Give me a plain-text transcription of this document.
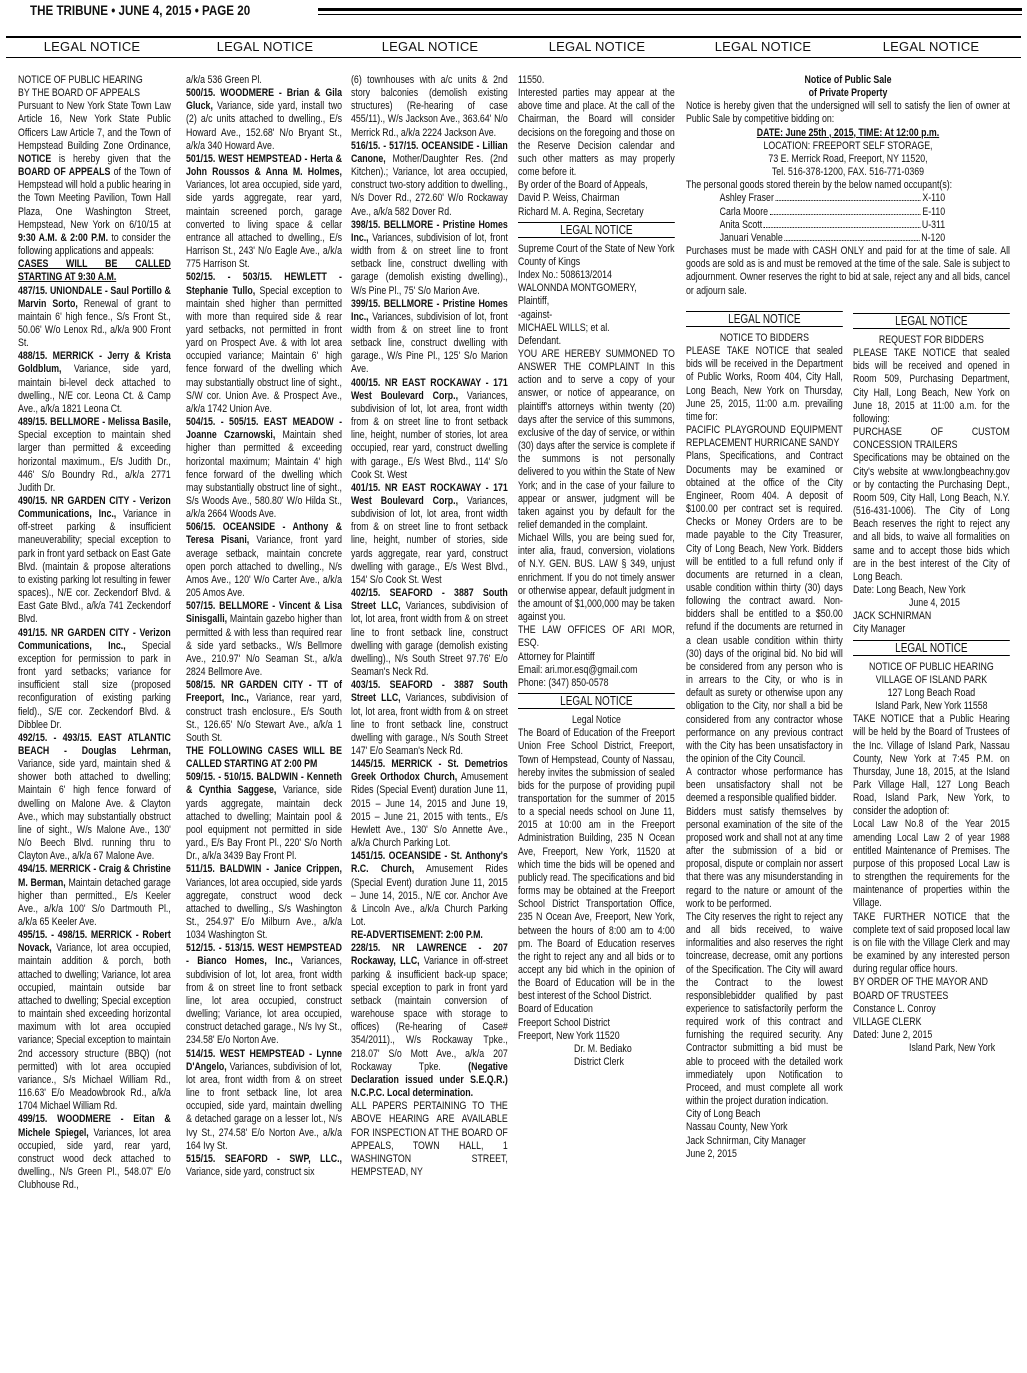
THE TRIBUNE • JUNE 4, 2015 • PAGE 20
LEGAL NOTICE	LEGAL NOTICE	LEGAL NOTICE	LEGAL NOTICE	LEGAL NOTICE	LEGAL NOTICE
NOTICE OF PUBLIC HEARING
BY THE BOARD OF APPEALS

Pursuant to New York State Town Law Article 16, New York State Public Officers Law Article 7, and the Town of Hempstead Building Zone Ordinance, NOTICE is hereby given that the BOARD OF APPEALS of the Town of Hempstead will hold a public hearing in the Town Meeting Pavilion, Town Hall Plaza, One Washington Street, Hempstead, New York on 6/10/15 at 9:30 A.M. & 2:00 P.M. to consider the following applications and appeals:

CASES WILL BE CALLED STARTING AT 9:30 A.M.

487/15. UNIONDALE - Saul Portillo & Marvin Sorto, Renewal of grant to maintain 6' high fence., S/s Front St., 50.06' W/o Lenox Rd., a/k/a 900 Front St.

488/15. MERRICK - Jerry & Krista Goldblum, Variance, side yard, maintain bi-level deck attached to dwelling., N/E cor. Leona Ct. & Camp Ave., a/k/a 1821 Leona Ct.

489/15. BELLMORE - Melissa Basile, Special exception to maintain shed larger than permitted & exceeding horizontal maximum., E/s Judith Dr., 446' S/o Boundry Rd., a/k/a 2771 Judith Dr.

490/15. NR GARDEN CITY - Verizon Communications, Inc., Variance in off-street parking & insufficient maneuverability; special exception to park in front yard setback on East Gate Blvd. (maintain & propose alterations to existing parking lot resulting in fewer spaces)., N/E cor. Zeckendorf Blvd. & East Gate Blvd., a/k/a 741 Zeckendorf Blvd.

491/15. NR GARDEN CITY - Verizon Communications, Inc., Special exception for permission to park in front yard setbacks; variance for insufficient stall size (proposed reconfiguration of existing parking field)., S/E cor. Zeckendorf Blvd. & Dibblee Dr.

492/15. - 493/15. EAST ATLANTIC BEACH - Douglas Lehrman, Variance, side yard, maintain shed & shower both attached to dwelling; Maintain 6' high fence forward of dwelling on Malone Ave. & Clayton Ave., which may substantially obstruct line of sight., W/s Malone Ave., 130' N/o Beech Blvd. running thru to Clayton Ave., a/k/a 67 Malone Ave.

494/15. MERRICK - Craig & Christine M. Berman, Maintain detached garage higher than permitted., E/s Keeler Ave., a/k/a 100' S/o Dartmouth Pl., a/k/a 65 Keeler Ave.

495/15. - 498/15. MERRICK - Robert Novack, Variance, lot area occupied, maintain addition & porch, both attached to dwelling; Variance, lot area occupied, maintain outside bar attached to dwelling; Special exception to maintain shed exceeding horizontal maximum with lot area occupied variance; Special exception to maintain 2nd accessory structure (BBQ) (not permitted) with lot area occupied variance., S/s Michael William Rd., 116.63' E/o Meadowbrook Rd., a/k/a 1704 Michael William Rd.

499/15. WOODMERE - Eitan & Michele Spiegel, Variances, lot area occupied, side yard, rear yard, construct wood deck attached to dwelling., N/s Green Pl., 548.07' E/o Clubhouse Rd.,

a/k/a 536 Green Pl.

500/15. WOODMERE - Brian & Gila Gluck, Variance, side yard, install two (2) a/c units attached to dwelling., E/s Howard Ave., 152.68' N/o Bryant St., a/k/a 340 Howard Ave.

501/15. WEST HEMPSTEAD - Herta & John Roussos & Anna M. Holmes, Variances, lot area occupied, side yard, side yards aggregate, rear yard, maintain screened porch, garage converted to living space & cellar entrance all attached to dwelling., E/s Harrison St., 243' N/o Eagle Ave., a/k/a 775 Harrison St.

502/15. - 503/15. HEWLETT - Stephanie Tullo, Special exception to maintain shed higher than permitted with more than required side & rear yard setbacks, not permitted in front yard on Prospect Ave. & with lot area occupied variance; Maintain 6' high fence forward of the dwelling which may substantially obstruct line of sight., S/W cor. Union Ave. & Prospect Ave., a/k/a 1742 Union Ave.

504/15. - 505/15. EAST MEADOW - Joanne Czarnowski, Maintain shed higher than permitted & exceeding horizontal maximum; Maintain 4' high fence forward of the dwelling which may substantially obstruct line of sight., S/s Woods Ave., 580.80' W/o Hilda St., a/k/a 2664 Woods Ave.

506/15. OCEANSIDE - Anthony & Teresa Pisani, Variance, front yard average setback, maintain concrete open porch attached to dwelling., N/s Amos Ave., 120' W/o Carter Ave., a/k/a 205 Amos Ave.

507/15. BELLMORE - Vincent & Lisa Sinisgalli, Maintain gazebo higher than permitted & with less than required rear & side yard setbacks., W/s Bellmore Ave., 210.97' N/o Seaman St., a/k/a 2824 Bellmore Ave.

508/15. NR GARDEN CITY - TT of Freeport, Inc., Variance, rear yard, construct trash enclosure., E/s South St., 126.65' N/o Stewart Ave., a/k/a 1 South St.

THE FOLLOWING CASES WILL BE CALLED STARTING AT 2:00 PM

509/15. - 510/15. BALDWIN - Kenneth & Cynthia Saggese, Variance, side yards aggregate, maintain deck attached to dwelling; Maintain pool & pool equipment not permitted in side yard., E/s Bay Front Pl., 220' S/o North Dr., a/k/a 3439 Bay Front Pl.

511/15. BALDWIN - Janice Crippen, Variances, lot area occupied, side yards aggregate, construct wood deck attached to dwelling., S/s Washington St., 254.97' E/o Milburn Ave., a/k/a 1034 Washington St.

512/15. - 513/15. WEST HEMPSTEAD - Bianco Homes, Inc., Variances, subdivision of lot, lot area, front width from & on street line to front setback line, lot area occupied, construct dwelling; Variance, lot area occupied, construct detached garage., N/s Ivy St., 234.58' E/o Norton Ave.

514/15. WEST HEMPSTEAD - Lynne D'Angelo, Variances, subdivision of lot, lot area, front width from & on street line to front setback line, lot area occupied, side yard, maintain dwelling & detached garage on a lesser lot., N/s Ivy St., 274.58' E/o Norton Ave., a/k/a 164 Ivy St.

515/15. SEAFORD - SWP, LLC., Variance, side yard, construct six

(6) townhouses with a/c units & 2nd story balconies (demolish existing structures) (Re-hearing of case 455/11)., W/s Jackson Ave., 363.64' N/o Merrick Rd., a/k/a 2224 Jackson Ave.

516/15. - 517/15. OCEANSIDE - Lillian Canone, Mother/Daughter Res. (2nd Kitchen).; Variance, lot area occupied, construct two-story addition to dwelling., N/s Dover Rd., 272.60' W/o Rockaway Ave., a/k/a 582 Dover Rd.

398/15. BELLMORE - Pristine Homes Inc., Variances, subdivision of lot, front width from & on street line to front setback line, construct dwelling with garage (demolish existing dwelling)., W/s Pine Pl., 75' S/o Marion Ave.

399/15. BELLMORE - Pristine Homes Inc., Variances, subdivision of lot, front width from & on street line to front setback line, construct dwelling with garage., W/s Pine Pl., 125' S/o Marion Ave.

400/15. NR EAST ROCKAWAY - 171 West Boulevard Corp., Variances, subdivision of lot, lot area, front width from & on street line to front setback line, height, number of stories, lot area occupied, rear yard, construct dwelling with garage., E/s West Blvd., 114' S/o Cook St. West

401/15. NR EAST ROCKAWAY - 171 West Boulevard Corp., Variances, subdivision of lot, lot area, front width from & on street line to front setback line, height, number of stories, side yards aggregate, rear yard, construct dwelling with garage., E/s West Blvd., 154' S/o Cook St. West

402/15. SEAFORD - 3887 South Street LLC, Variances, subdivision of lot, lot area, front width from & on street line to front setback line, construct dwelling with garage (demolish existing dwelling)., N/s South Street 97.76' E/o Seaman's Neck Rd.

403/15. SEAFORD - 3887 South Street LLC, Variances, subdivision of lot, lot area, front width from & on street line to front setback line, construct dwelling with garage., N/s South Street 147' E/o Seaman's Neck Rd.

1445/15. MERRICK - St. Demetrios Greek Orthodox Church, Amusement Rides (Special Event) duration June 11, 2015 – June 14, 2015 and June 19, 2015 – June 21, 2015 with tents., E/s Hewlett Ave., 130' S/o Annette Ave., a/k/a Church Parking Lot.

1451/15. OCEANSIDE - St. Anthony's R.C. Church, Amusement Rides (Special Event) duration June 11, 2015 – June 14, 2015., N/E cor. Anchor Ave & Lincoln Ave., a/k/a Church Parking Lot.

RE-ADVERTISEMENT: 2:00 P.M.

228/15. NR LAWRENCE - 207 Rockaway, LLC, Variance in off-street parking & insufficient back-up space; special exception to park in front yard setback (maintain conversion of warehouse space with storage to offices) (Re-hearing of Case# 354/2011)., W/s Rockaway Tpke., 218.07' S/o Mott Ave., a/k/a 207 Rockaway Tpke. (Negative Declaration issued under S.E.Q.R.) N.C.P.C. Local determination.

ALL PAPERS PERTAINING TO THE ABOVE HEARING ARE AVAILABLE FOR INSPECTION AT THE BOARD OF APPEALS, TOWN HALL, 1 WASHINGTON STREET, HEMPSTEAD, NY

11550.

Interested parties may appear at the above time and place. At the call of the Chairman, the Board will consider decisions on the foregoing and those on the Reserve Decision calendar and such other matters as may properly come before it.

By order of the Board of Appeals,
David P. Weiss, Chairman
Richard M. A. Regina, Secretary
LEGAL NOTICE
Supreme Court of the State of New York
County of Kings
Index No.: 508613/2014
WALONNDA MONTGOMERY,
Plaintiff,
-against-
MICHAEL WILLS; et al.
Defendant.

YOU ARE HEREBY SUMMONED TO ANSWER THE COMPLAINT In this action and to serve a copy of your answer, or notice of appearance, on plaintiff's attorneys within twenty (20) days after the service of this summons, exclusive of the day of service, or within (30) days after the service is complete if the summons is not personally delivered to you within the State of New York; and in the case of your failure to appear or answer, judgment will be taken against you by default for the relief demanded in the complaint.

Michael Wills, you are being sued for, inter alia, fraud, conversion, violations of N.Y. GEN. BUS. LAW § 349, unjust enrichment. If you do not timely answer or otherwise appear, default judgment in the amount of $1,000,000 may be taken against you.

THE LAW OFFICES OF ARI MOR, ESQ.

Attorney for Plaintiff
Email: ari.mor.esq@gmail.com
Phone: (347) 850-0578
LEGAL NOTICE
Legal Notice

The Board of Education of the Freeport Union Free School District, Freeport, Town of Hempstead, County of Nassau, hereby invites the submission of sealed bids for the purpose of providing pupil transportation for the summer of 2015 to a special needs school on June 11, 2015 at 10:00 am in the Freeport Administration Building, 235 N Ocean Ave, Freeport, New York, 11520 at which time the bids will be opened and publicly read. The specifications and bid forms may be obtained at the Freeport School District Transportation Office, 235 N Ocean Ave, Freeport, New York, between the hours of 8:00 am to 4:00 pm. The Board of Education reserves the right to reject any and all bids or to accept any bid which in the opinion of the Board of Education will be in the best interest of the School District.

Board of Education
Freeport School District
Freeport, New York 11520
Dr. M. Bediako
District Clerk
Notice of Public Sale
of Private Property

Notice is hereby given that the undersigned will sell to satisfy the lien of owner at Public Sale by competitive bidding on:

DATE: June 25th , 2015, TIME: At 12:00 p.m.
LOCATION: FREEPORT SELF STORAGE,
73 E. Merrick Road, Freeport, NY 11520,
Tel. 516-378-1200, FAX. 516-771-0369

The personal goods stored therein by the below named occupant(s):

Ashley Fraser	X-110
Carla Moore	E-110
Anita Scott	U-311
Januari Venable	N-120

Purchases must be made with CASH ONLY and paid for at the time of sale. All goods are sold as is and must be removed at the time of the sale. Sale is subject to adjournment. Owner reserves the right to bid at sale, reject any and all bids, cancel or adjourn sale.

LEGAL NOTICE
NOTICE TO BIDDERS

PLEASE TAKE NOTICE that sealed bids will be received in the Department of Public Works, Room 404, City Hall, Long Beach, New York on Thursday, June 25, 2015, 11:00 a.m. prevailing time for:

PACIFIC PLAYGROUND EQUIPMENT REPLACEMENT HURRICANE SANDY

Plans, Specifications, and Contract Documents may be examined or obtained at the office of the City Engineer, Room 404. A deposit of $100.00 per contract set is required. Checks or Money Orders are to be made payable to the City Treasurer, City of Long Beach, New York. Bidders will be entitled to a full refund only if documents are returned in a clean, usable condition within thirty (30) days following the contract award. Non-bidders shall be entitled to a $50.00 refund if the documents are returned in a clean usable condition within thirty (30) days of the original bid. No bid will be considered from any person who is in arrears to the City, or who is in default as surety or otherwise upon any obligation to the City, nor shall a bid be considered from any contractor whose performance on any previous contract with the City has been unsatisfactory in the opinion of the City Council.

A contractor whose performance has been unsatisfactory shall not be deemed a responsible qualified bidder.

Bidders must satisfy themselves by personal examination of the site of the proposed work and shall not at any time after the submission of a bid or proposal, dispute or complain nor assert that there was any misunderstanding in regard to the nature or amount of the work to be performed.

The City reserves the right to reject any and all bids received, to waive informalities and also reserves the right toincrease, decrease, omit any portions of the Specification. The City will award the Contract to the lowest responsiblebidder qualified by past experience to satisfactorily perform the required work of this contract and furnishing the required security. Any Contractor submitting a bid must be able to proceed with the detailed work immediately upon Notification to Proceed, and must complete all work within the project duration indication.

City of Long Beach
Nassau County, New York
Jack Schnirman, City Manager
June 2, 2015
LEGAL NOTICE
REQUEST FOR BIDDERS

PLEASE TAKE NOTICE that sealed bids will be received and opened in Room 509, Purchasing Department, City Hall, Long Beach, New York on June 18, 2015 at 11:00 a.m. for the following:

PURCHASE OF CUSTOM CONCESSION TRAILERS

Specifications may be obtained on the City's website at www.longbeachny.gov or by contacting the Purchasing Dept., Room 509, City Hall, Long Beach, N.Y. (516-431-1006). The City of Long Beach reserves the right to reject any and all bids, to waive all formalities on same and to accept those bids which are in the best interest of the City of Long Beach.

Date: Long Beach, New York
June 4, 2015
JACK SCHNIRMAN
City Manager
LEGAL NOTICE
NOTICE OF PUBLIC HEARING
VILLAGE OF ISLAND PARK
127 Long Beach Road
Island Park, New York 11558

TAKE NOTICE that a Public Hearing will be held by the Board of Trustees of the Inc. Village of Island Park, Nassau County, New York at 7:45 P.M. on Thursday, June 18, 2015, at the Island Park Village Hall, 127 Long Beach Road, Island Park, New York, to consider the adoption of:

Local Law No.8 of the Year 2015 amending Local Law 2 of year 1988 entitled Maintenance of Premises. The purpose of this proposed Local Law is to strengthen the requirements for the maintenance of properties within the Village.

TAKE FURTHER NOTICE that the complete text of said proposed local law is on file with the Village Clerk and may be examined by any interested person during regular office hours.

BY ORDER OF THE MAYOR AND BOARD OF TRUSTEES
Constance L. Conroy
VILLAGE CLERK
Dated: June 2, 2015
Island Park, New York
